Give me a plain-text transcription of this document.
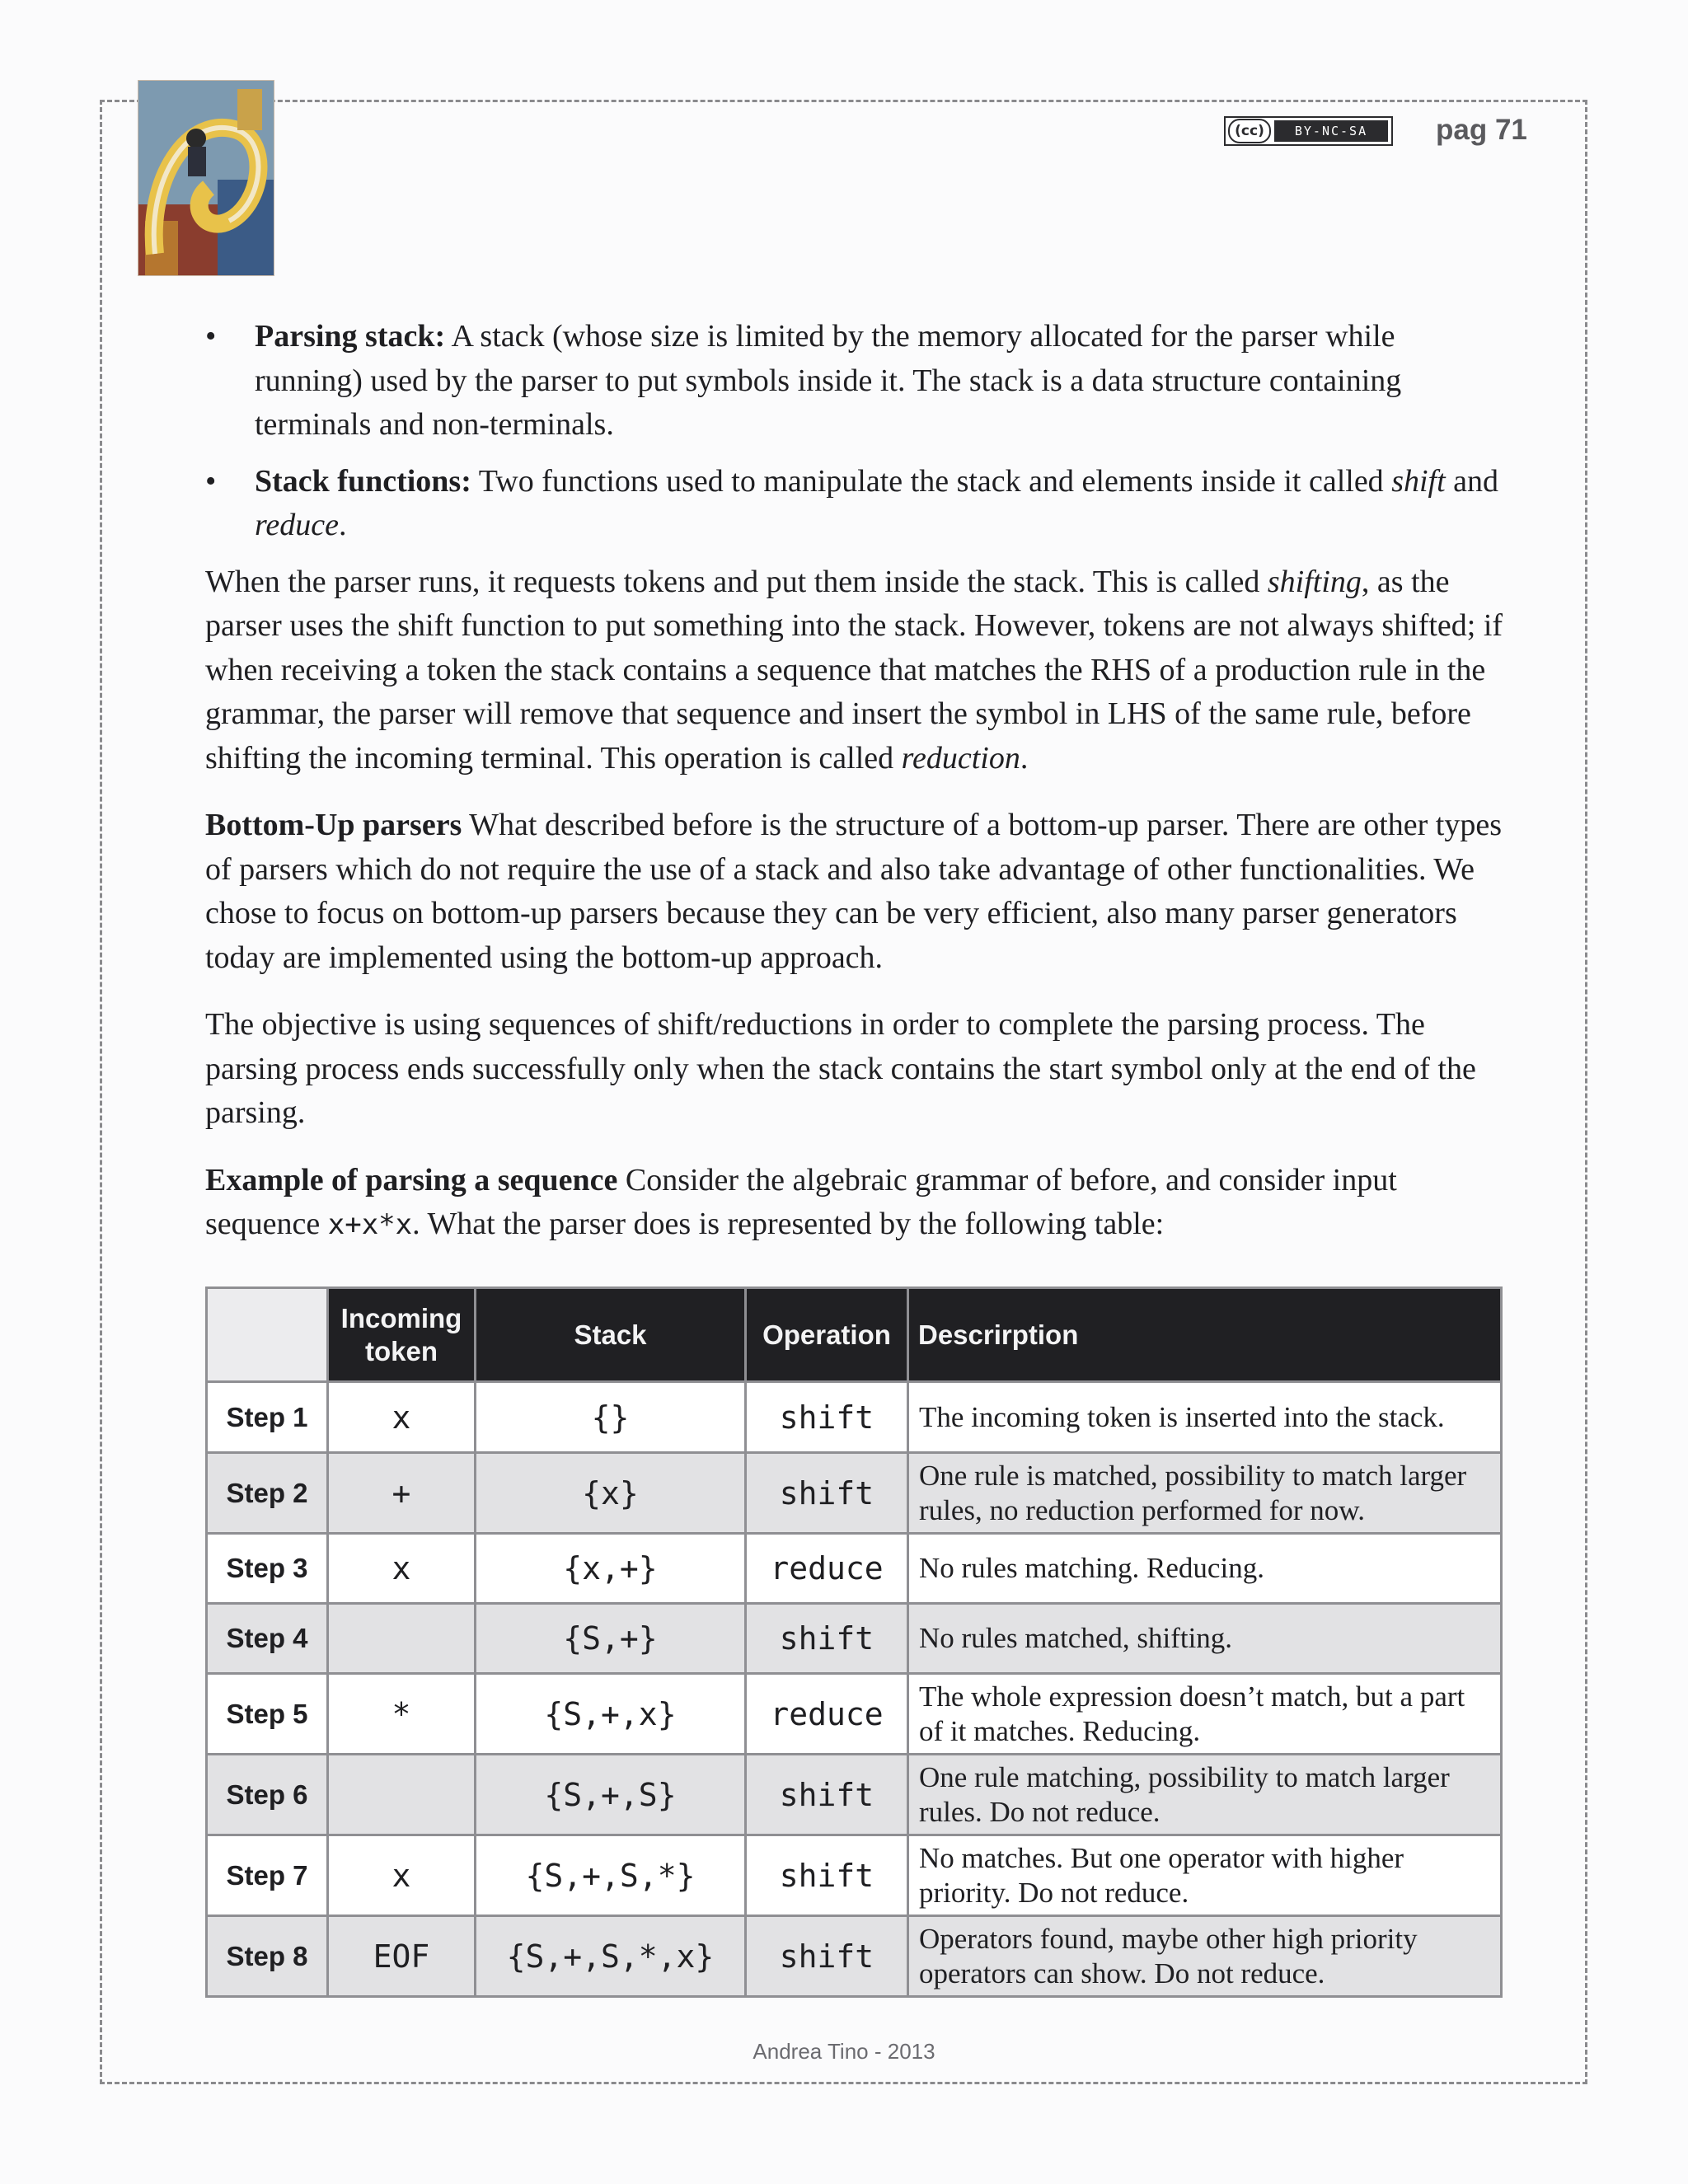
(cc)	BY-NC-SA	pag 71
• Parsing stack: A stack (whose size is limited by the memory allocated for the parser while running) used by the parser to put symbols inside it. The stack is a data structure containing terminals and non-terminals.
• Stack functions: Two functions used to manipulate the stack and elements inside it called shift and reduce.

When the parser runs, it requests tokens and put them inside the stack. This is called shifting, as the parser uses the shift function to put something into the stack. However, tokens are not always shifted; if when receiving a token the stack contains a sequence that matches the RHS of a production rule in the grammar, the parser will remove that sequence and insert the symbol in LHS of the same rule, before shifting the incoming terminal. This operation is called reduction.

Bottom-Up parsers What described before is the structure of a bottom-up parser. There are other types of parsers which do not require the use of a stack and also take advantage of other functionalities. We chose to focus on bottom-up parsers because they can be very efficient, also many parser generators today are implemented using the bottom-up approach.

The objective is using sequences of shift/reductions in order to complete the parsing process. The parsing process ends successfully only when the stack contains the start symbol only at the end of the parsing.

Example of parsing a sequence Consider the algebraic grammar of before, and consider input sequence x+x*x. What the parser does is represented by the following table:

	Incoming token	Stack	Operation	Descrirption
Step 1	x	{}	shift	The incoming token is inserted into the stack.
Step 2	+	{x}	shift	One rule is matched, possibility to match larger rules, no reduction performed for now.
Step 3	x	{x,+}	reduce	No rules matching. Reducing.
Step 4		{S,+}	shift	No rules matched, shifting.
Step 5	*	{S,+,x}	reduce	The whole expression doesn’t match, but a part of it matches. Reducing.
Step 6		{S,+,S}	shift	One rule matching, possibility to match larger rules. Do not reduce.
Step 7	x	{S,+,S,*}	shift	No matches. But one operator with higher priority. Do not reduce.
Step 8	EOF	{S,+,S,*,x}	shift	Operators found, maybe other high priority operators can show. Do not reduce.
Andrea Tino - 2013
